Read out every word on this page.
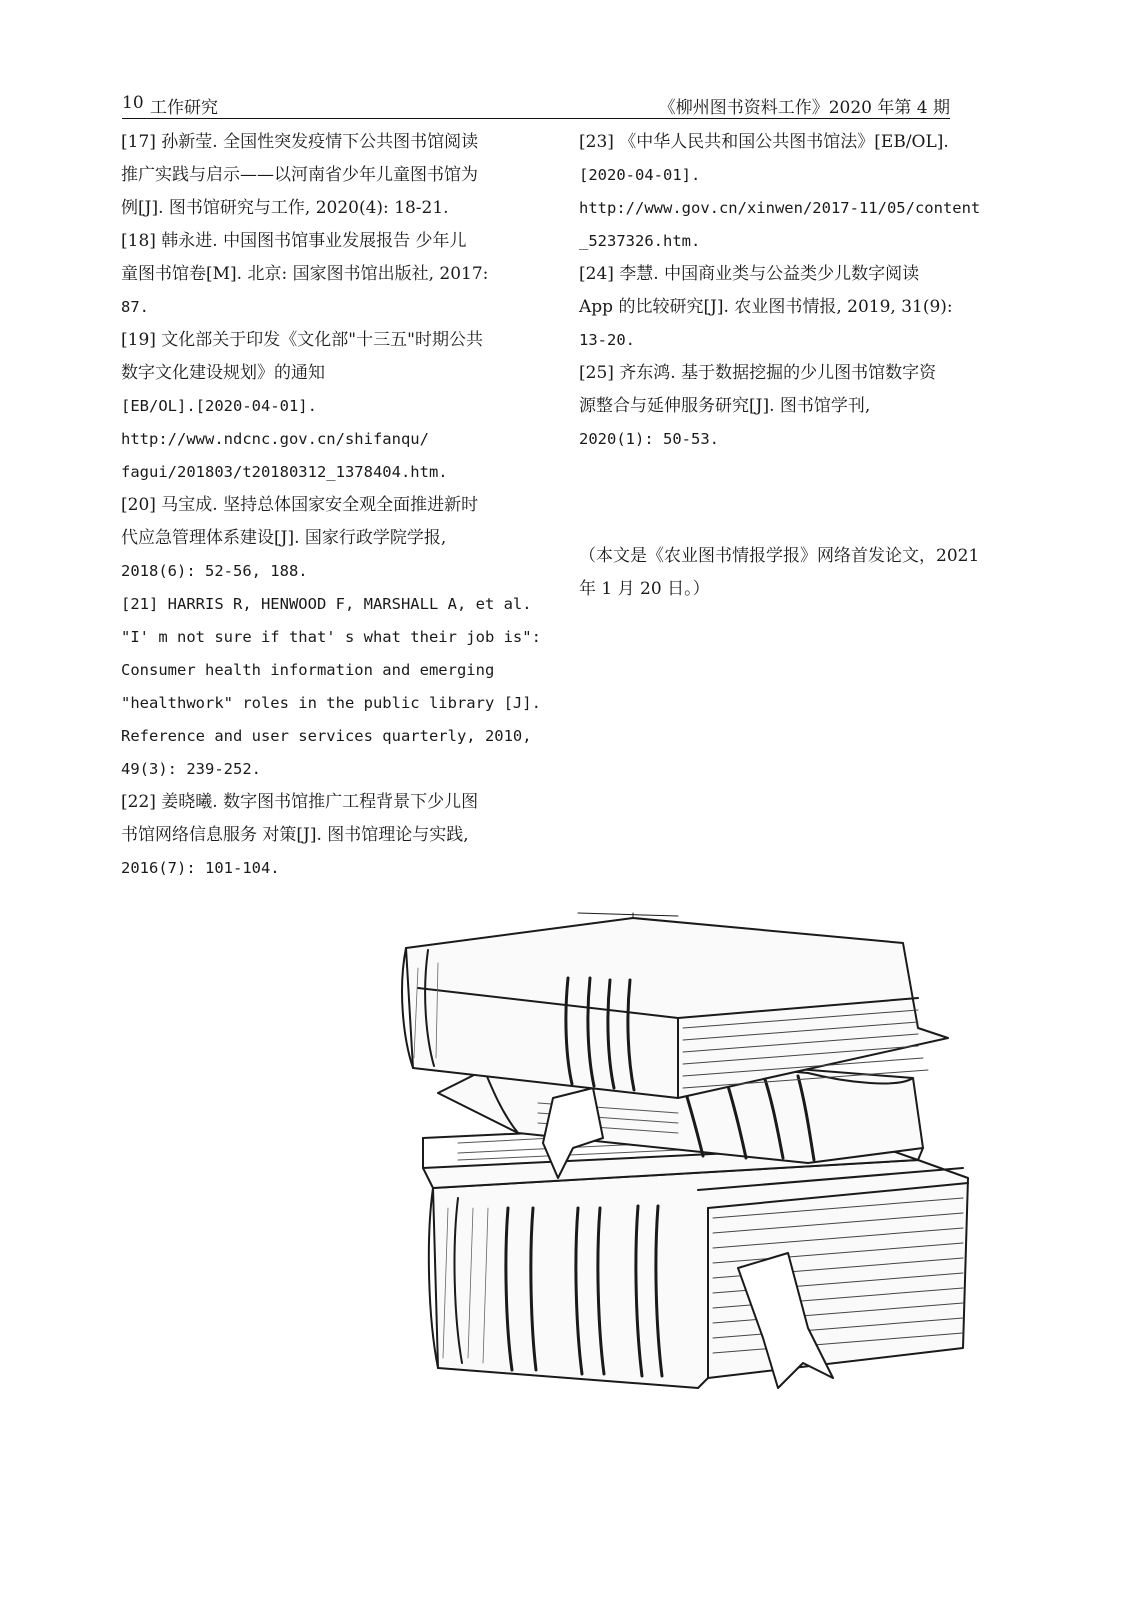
10 工作研究	《柳州图书资料工作》2020 年第 4 期
[17] 孙新莹. 全国性突发疫情下公共图书馆阅读
推广实践与启示——以河南省少年儿童图书馆为
例[J]. 图书馆研究与工作, 2020(4): 18-21.
[18] 韩永进. 中国图书馆事业发展报告 少年儿
童图书馆卷[M]. 北京: 国家图书馆出版社, 2017:
87.
[19] 文化部关于印发《文化部"十三五"时期公共
数字文化建设规划》的通知
[EB/OL].[2020-04-01].
http://www.ndcnc.gov.cn/shifanqu/
fagui/201803/t20180312_1378404.htm.
[20] 马宝成. 坚持总体国家安全观全面推进新时
代应急管理体系建设[J]. 国家行政学院学报,
2018(6): 52-56, 188.
[21] HARRIS R, HENWOOD F, MARSHALL A, et al.
"I' m not sure if that' s what their job is":
Consumer health information and emerging
"healthwork" roles in the public library [J].
Reference and user services quarterly, 2010,
49(3): 239-252.
[22] 姜晓曦. 数字图书馆推广工程背景下少儿图
书馆网络信息服务 对策[J]. 图书馆理论与实践,
2016(7): 101-104.
[23] 《中华人民共和国公共图书馆法》[EB/OL].
[2020-04-01].
http://www.gov.cn/xinwen/2017-11/05/content
_5237326.htm.
[24] 李慧. 中国商业类与公益类少儿数字阅读
App 的比较研究[J]. 农业图书情报, 2019, 31(9):
13-20.
[25] 齐东鸿. 基于数据挖掘的少儿图书馆数字资
源整合与延伸服务研究[J]. 图书馆学刊,
2020(1): 50-53.
（本文是《农业图书情报学报》网络首发论文，2021
年 1 月 20 日。）
